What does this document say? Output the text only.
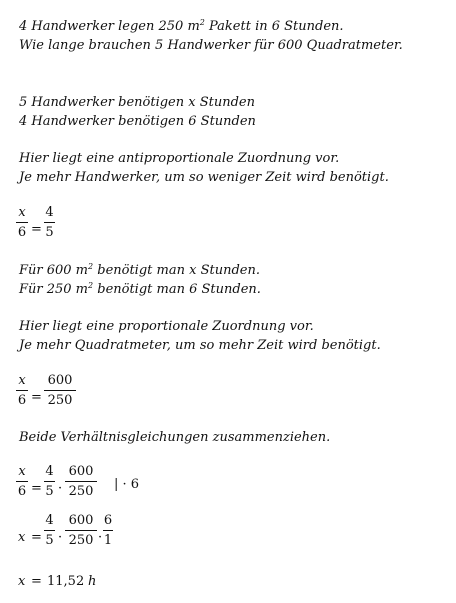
4 Handwerker legen 250 $m^2$ Pakett in 6 Stunden.
Wie lange brauchen 5 Handwerker für 600 Quadratmeter.
5 Handwerker benötigen x Stunden
4 Handwerker benötigen 6 Stunden
Hier liegt eine antiproportionale Zuordnung vor.
Je mehr Handwerker, um so weniger Zeit wird benötigt.
x
6 =
4
5
Für 600 $m^2$ benötigt man x Stunden.
Für 250 $m^2$ benötigt man 6 Stunden.
Hier liegt eine proportionale Zuordnung vor.
Je mehr Quadratmeter, um so mehr Zeit wird benötigt.
x
6 =
600
250
Beide Verhältnisgleichungen zusammenziehen.
x
6 =
4
5 ·
600
250 | · 6
x =
4
5 ·
600
250 ·
6
1
x = 11,52 h
